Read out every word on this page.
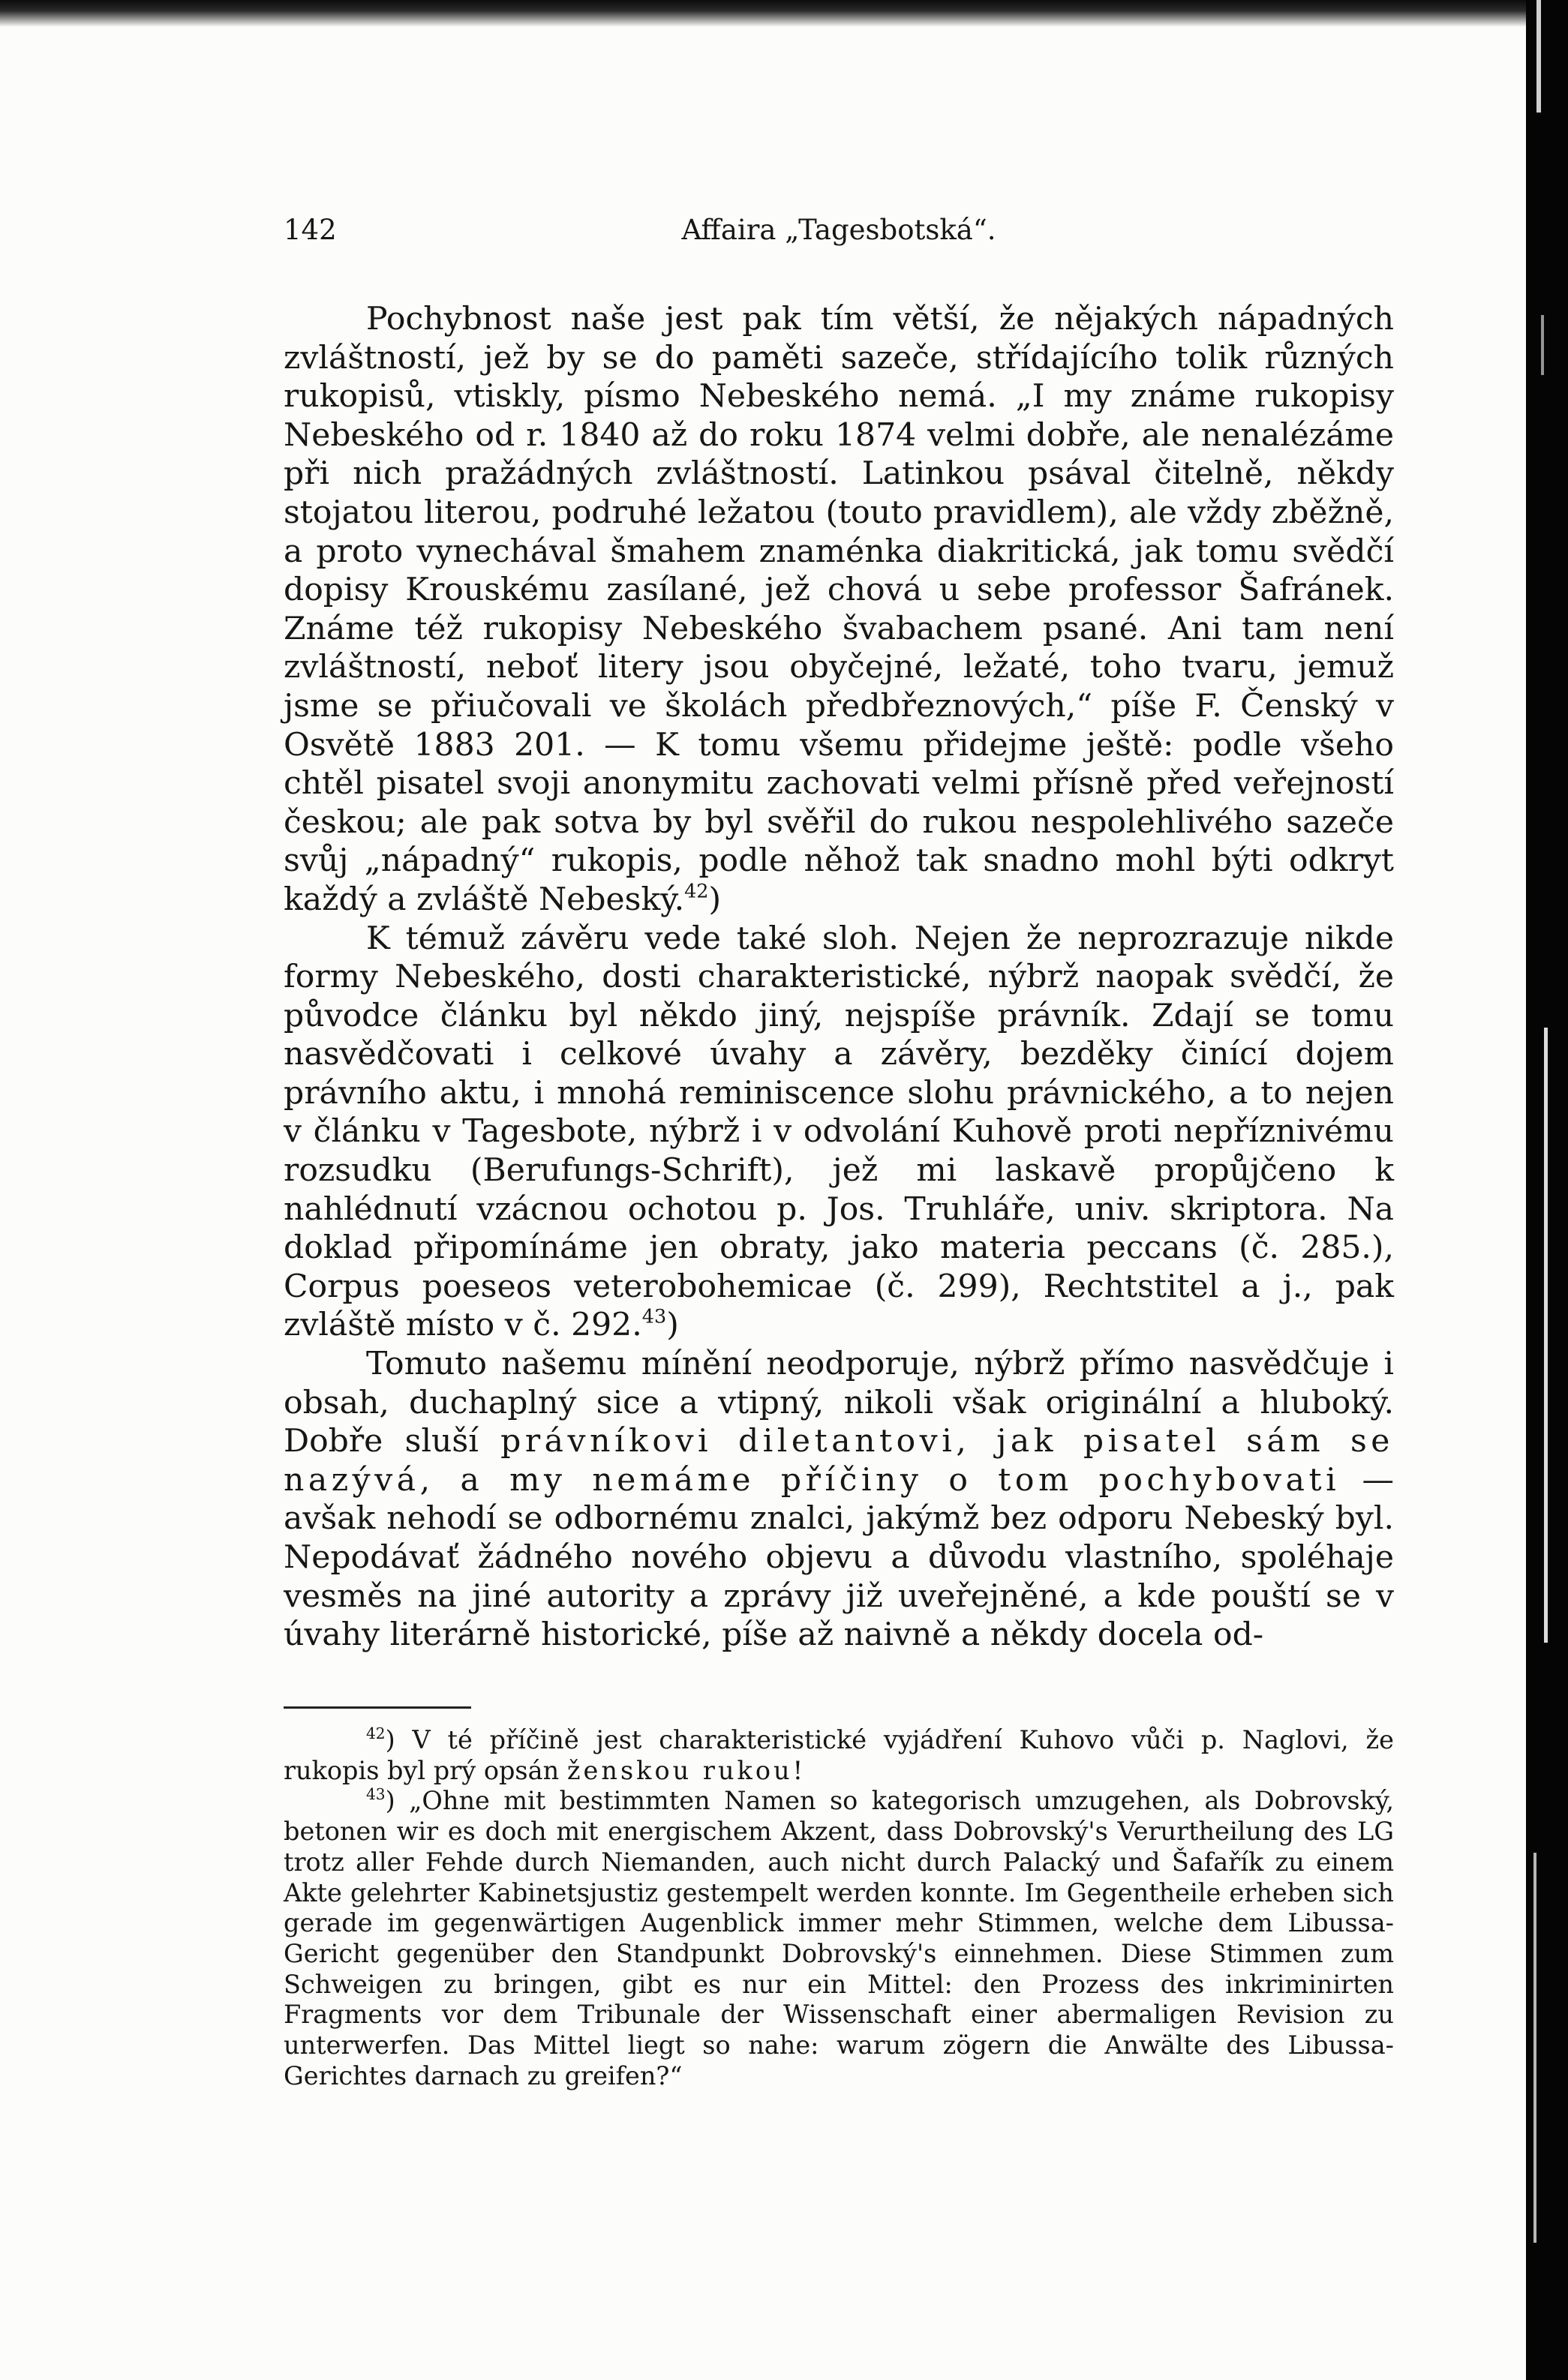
142	Affaira „Tagesbotská“.

Pochybnost naše jest pak tím větší, že nějakých nápadných zvláštností, jež by se do paměti sazeče, střídajícího tolik různých rukopisů, vtiskly, písmo Nebeského nemá. „I my známe rukopisy Nebeského od r. 1840 až do roku 1874 velmi dobře, ale nenalézáme při nich pražádných zvláštností. Latinkou psával čitelně, někdy stojatou literou, podruhé ležatou (touto pravidlem), ale vždy zběžně, a proto vynechával šmahem znaménka diakritická, jak tomu svědčí dopisy Krouskému zasílané, jež chová u sebe professor Šafránek. Známe též rukopisy Nebeského švabachem psané. Ani tam není zvláštností, neboť litery jsou obyčejné, ležaté, toho tvaru, jemuž jsme se přiučovali ve školách předbřeznových,“ píše F. Čenský v Osvětě 1883 201. — K tomu všemu přidejme ještě: podle všeho chtěl pisatel svoji anonymitu zachovati velmi přísně před veřejností českou; ale pak sotva by byl svěřil do rukou nespolehlivého sazeče svůj „nápadný“ rukopis, podle něhož tak snadno mohl býti odkryt každý a zvláště Nebeský.$^{42}$)

K témuž závěru vede také sloh. Nejen že neprozrazuje nikde formy Nebeského, dosti charakteristické, nýbrž naopak svědčí, že původce článku byl někdo jiný, nejspíše právník. Zdají se tomu nasvědčovati i celkové úvahy a závěry, bezděky činící dojem právního aktu, i mnohá reminiscence slohu právnického, a to nejen v článku v Tagesbote, nýbrž i v odvolání Kuhově proti nepříznivému rozsudku (Berufungs-Schrift), jež mi laskavě propůjčeno k nahlédnutí vzácnou ochotou p. Jos. Truhláře, univ. skriptora. Na doklad připomínáme jen obraty, jako materia peccans (č. 285.), Corpus poeseos veterobohemicae (č. 299), Rechtstitel a j., pak zvláště místo v č. 292.43)

Tomuto našemu mínění neodporuje, nýbrž přímo nasvědčuje i obsah, duchaplný sice a vtipný, nikoli však originální a hluboký. Dobře sluší právníkovi diletantovi, jak pisatel sám se nazývá, a my nemáme příčiny o tom pochybovati — avšak nehodí se odbornému znalci, jakýmž bez odporu Nebeský byl. Nepodávať žádného nového objevu a důvodu vlastního, spoléhaje vesměs na jiné autority a zprávy již uveřejněné, a kde pouští se v úvahy literárně historické, píše až naivně a někdy docela od-

$^{42}$) V té příčině jest charakteristické vyjádření Kuhovo vůči p. Naglovi, že rukopis byl prý opsán ženskou rukou!

$^{43}$) „Ohne mit bestimmten Namen so kategorisch umzugehen, als Dobrovský, betonen wir es doch mit energischem Akzent, dass Dobrovský's Verurtheilung des LG trotz aller Fehde durch Niemanden, auch nicht durch Palacký und Šafařík zu einem Akte gelehrter Kabinetsjustiz gestempelt werden konnte. Im Gegentheile erheben sich gerade im gegenwärtigen Augenblick immer mehr Stimmen, welche dem Libussa-Gericht gegenüber den Standpunkt Dobrovský's einnehmen. Diese Stimmen zum Schweigen zu bringen, gibt es nur ein Mittel: den Prozess des inkriminirten Fragments vor dem Tribunale der Wissenschaft einer abermaligen Revision zu unterwerfen. Das Mittel liegt so nahe: warum zögern die Anwälte des Libussa-Gerichtes darnach zu greifen?“
